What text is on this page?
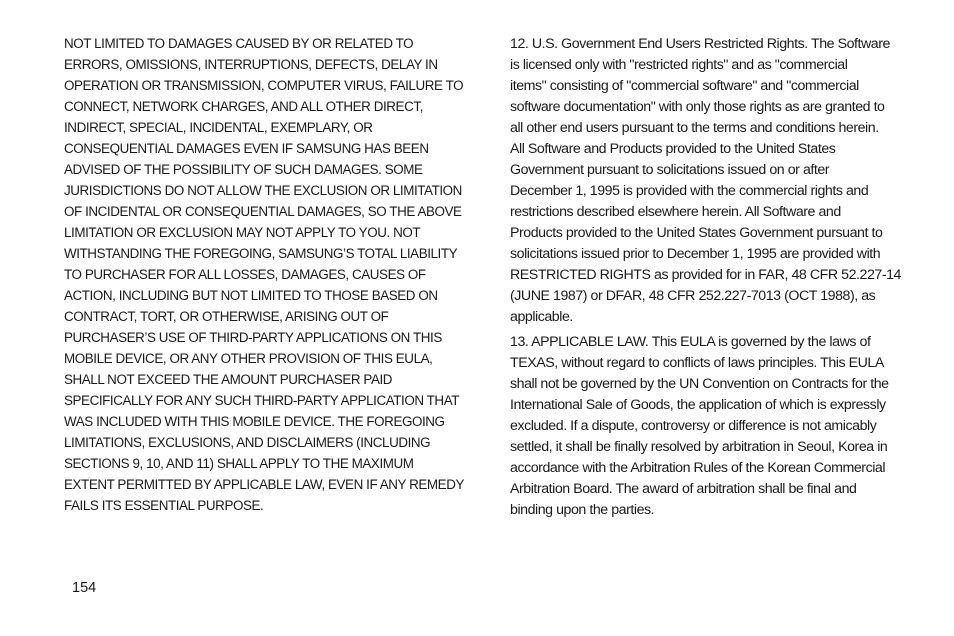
NOT LIMITED TO DAMAGES CAUSED BY OR RELATED TO
ERRORS, OMISSIONS, INTERRUPTIONS, DEFECTS, DELAY IN
OPERATION OR TRANSMISSION, COMPUTER VIRUS, FAILURE TO
CONNECT, NETWORK CHARGES, AND ALL OTHER DIRECT,
INDIRECT, SPECIAL, INCIDENTAL, EXEMPLARY, OR
CONSEQUENTIAL DAMAGES EVEN IF SAMSUNG HAS BEEN
ADVISED OF THE POSSIBILITY OF SUCH DAMAGES. SOME
JURISDICTIONS DO NOT ALLOW THE EXCLUSION OR LIMITATION
OF INCIDENTAL OR CONSEQUENTIAL DAMAGES, SO THE ABOVE
LIMITATION OR EXCLUSION MAY NOT APPLY TO YOU. NOT
WITHSTANDING THE FOREGOING, SAMSUNG’S TOTAL LIABILITY
TO PURCHASER FOR ALL LOSSES, DAMAGES, CAUSES OF
ACTION, INCLUDING BUT NOT LIMITED TO THOSE BASED ON
CONTRACT, TORT, OR OTHERWISE, ARISING OUT OF
PURCHASER’S USE OF THIRD-PARTY APPLICATIONS ON THIS
MOBILE DEVICE, OR ANY OTHER PROVISION OF THIS EULA,
SHALL NOT EXCEED THE AMOUNT PURCHASER PAID
SPECIFICALLY FOR ANY SUCH THIRD-PARTY APPLICATION THAT
WAS INCLUDED WITH THIS MOBILE DEVICE. THE FOREGOING
LIMITATIONS, EXCLUSIONS, AND DISCLAIMERS (INCLUDING
SECTIONS 9, 10, AND 11) SHALL APPLY TO THE MAXIMUM
EXTENT PERMITTED BY APPLICABLE LAW, EVEN IF ANY REMEDY
FAILS ITS ESSENTIAL PURPOSE.
12. U.S. Government End Users Restricted Rights. The Software
is licensed only with "restricted rights" and as "commercial
items" consisting of "commercial software" and "commercial
software documentation" with only those rights as are granted to
all other end users pursuant to the terms and conditions herein.
All Software and Products provided to the United States
Government pursuant to solicitations issued on or after
December 1, 1995 is provided with the commercial rights and
restrictions described elsewhere herein. All Software and
Products provided to the United States Government pursuant to
solicitations issued prior to December 1, 1995 are provided with
RESTRICTED RIGHTS as provided for in FAR, 48 CFR 52.227-14
(JUNE 1987) or DFAR, 48 CFR 252.227-7013 (OCT 1988), as
applicable.
13. APPLICABLE LAW. This EULA is governed by the laws of
TEXAS, without regard to conflicts of laws principles. This EULA
shall not be governed by the UN Convention on Contracts for the
International Sale of Goods, the application of which is expressly
excluded. If a dispute, controversy or difference is not amicably
settled, it shall be finally resolved by arbitration in Seoul, Korea in
accordance with the Arbitration Rules of the Korean Commercial
Arbitration Board. The award of arbitration shall be final and
binding upon the parties.
154
